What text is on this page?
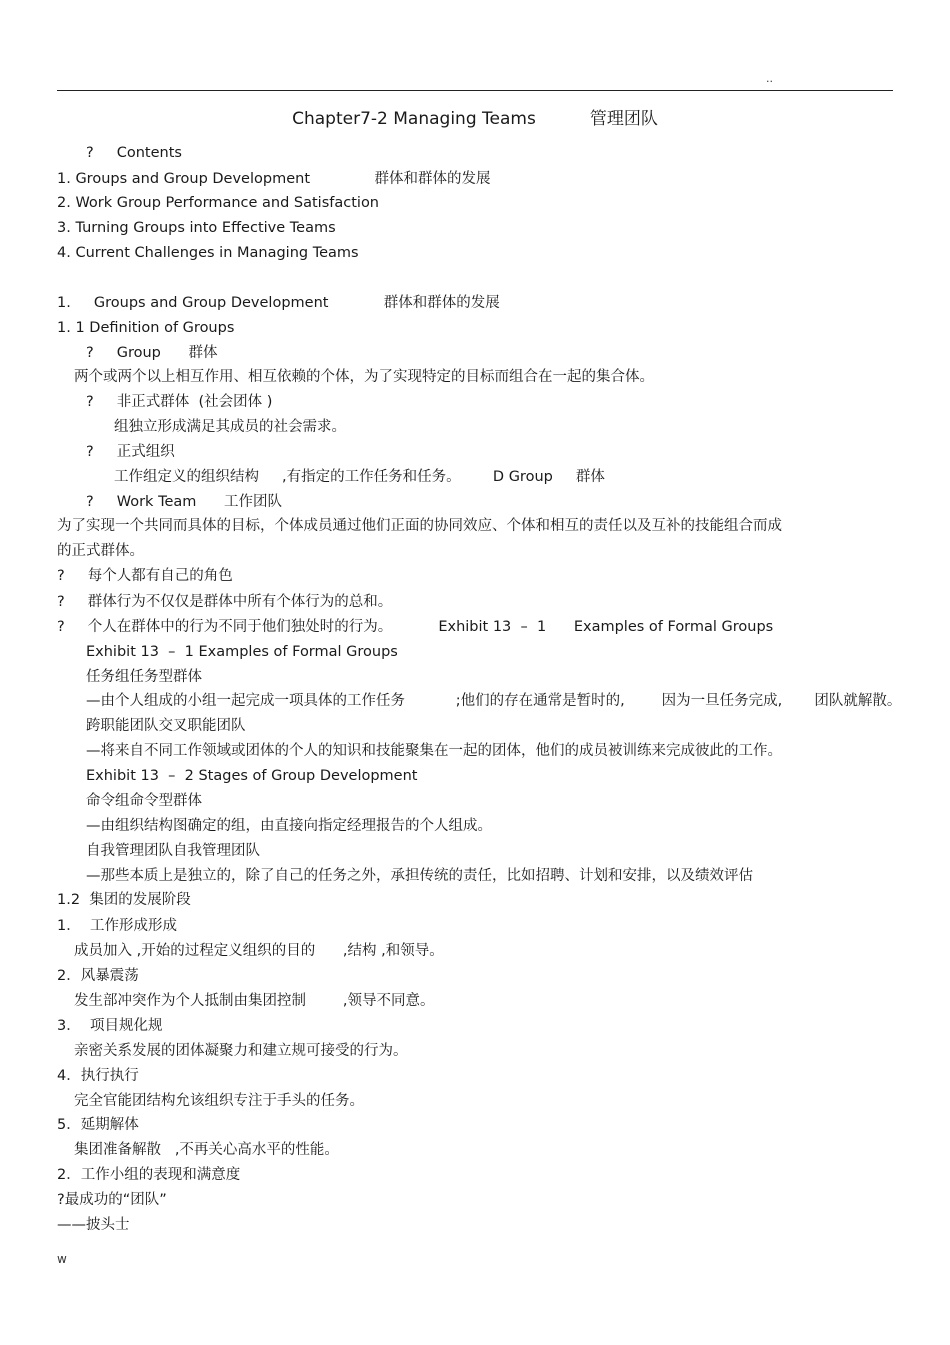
..
Chapter7-2 Managing Teams          管理团队
?     Contents
1. Groups and Group Development              群体和群体的发展
2. Work Group Performance and Satisfaction
3. Turning Groups into Effective Teams
4. Current Challenges in Managing Teams
1.     Groups and Group Development            群体和群体的发展
1. 1 Definition of Groups
?     Group      群体
两个或两个以上相互作用、相互依赖的个体，为了实现特定的目标而组合在一起的集合体。
?     非正式群体  (社会团体 )
组独立形成满足其成员的社会需求。
?     正式组织
工作组定义的组织结构     ,有指定的工作任务和任务。       D Group     群体
?     Work Team      工作团队
为了实现一个共同而具体的目标，个体成员通过他们正面的协同效应、个体和相互的责任以及互补的技能组合而成
的正式群体。
?     每个人都有自己的角色
?     群体行为不仅仅是群体中所有个体行为的总和。
?     个人在群体中的行为不同于他们独处时的行为。          Exhibit 13  –  1      Examples of Formal Groups
Exhibit 13  –  1 Examples of Formal Groups
任务组任务型群体
—由个人组成的小组一起完成一项具体的工作任务           ;他们的存在通常是暂时的,        因为一旦任务完成,       团队就解散。
跨职能团队交叉职能团队
—将来自不同工作领域或团体的个人的知识和技能聚集在一起的团体，他们的成员被训练来完成彼此的工作。
Exhibit 13  –  2 Stages of Group Development
命令组命令型群体
—由组织结构图确定的组，由直接向指定经理报告的个人组成。
自我管理团队自我管理团队
—那些本质上是独立的，除了自己的任务之外，承担传统的责任，比如招聘、计划和安排，以及绩效评估
1.2  集团的发展阶段
1．  工作形成形成
成员加入 ,开始的过程定义组织的目的      ,结构 ,和领导。
2．风暴震荡
发生部冲突作为个人抵制由集团控制        ,领导不同意。
3．  项目规化规
亲密关系发展的团体凝聚力和建立规可接受的行为。
4．执行执行
完全官能团结构允该组织专注于手头的任务。
5．延期解体
集团准备解散   ,不再关心高水平的性能。
2．工作小组的表现和满意度
?最成功的“团队”
——披头士
w
